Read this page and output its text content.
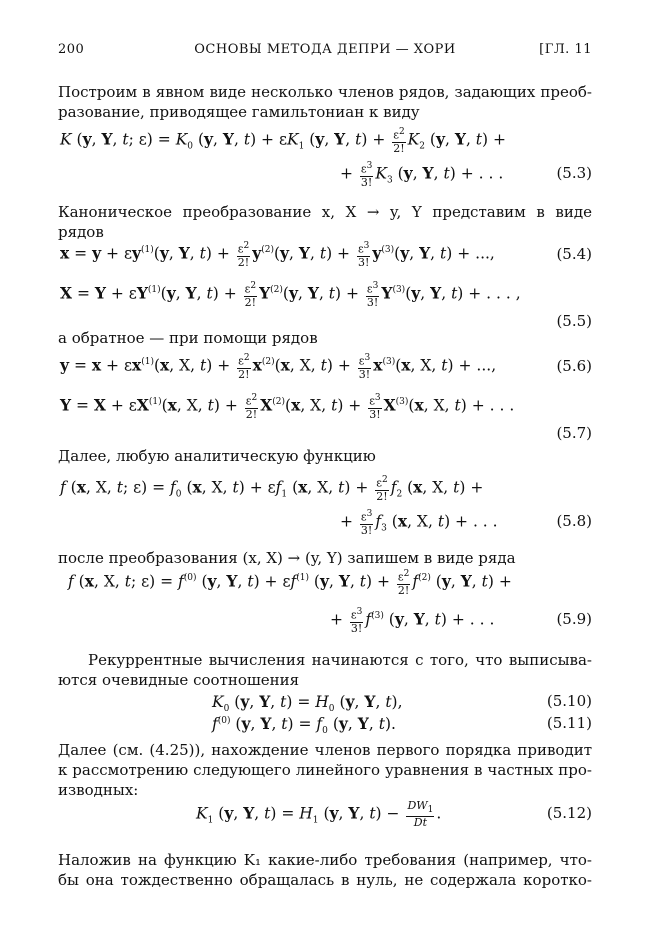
200	ОСНОВЫ МЕТОДА ДЕПРИ — ХОРИ	[ГЛ. 11
Построим в явном виде несколько членов рядов, задающих преоб-
разование, приводящее гамильтониан к виду
K (y, Y, t; $\varepsilon) = K_0$ (y, Y, $t) + \varepsilon K_1$ (y, Y, $t) + \frac{\varepsilon^2}{2!} K_2$ (y, Y, t) +
+ $\frac{\varepsilon^3}{3!} K_3$ (y, Y, t) + . . .	(5.3)
Каноническое преобразование x, X → y, Y представим в виде
рядов
$x = y + \varepsilon y^{(1)}(y$, Y, $t) + \frac{\varepsilon^2}{2!} y^{(2)}(y$, Y, $t) + \frac{\varepsilon^3}{3!} y^{(3)}(y$, Y, t) + ...,	(5.4)
$X = Y + \varepsilon Y^{(1)}(y$, Y, $t) + \frac{\varepsilon^2}{2!} Y^{(2)}(y$, Y, $t) + \frac{\varepsilon^3}{3!} Y^{(3)}(y$, Y, t) + . . . ,
(5.5)
а обратное — при помощи рядов
$y = x + \varepsilon x^{(1)}(x$, X, $t) + \frac{\varepsilon^2}{2!} x^{(2)}(x$, X, $t) + \frac{\varepsilon^3}{3!} x^{(3)}(x$, X, t) + ...,	(5.6)
$Y = X + \varepsilon X^{(1)}(x$, X, $t) + \frac{\varepsilon^2}{2!} X^{(2)}(x$, X, $t) + \frac{\varepsilon^3}{3!} X^{(3)}(x$, X, t) + . . .
(5.7)
Далее, любую аналитическую функцию
f (x, X, t; $\varepsilon) = f_0$ (x, X, $t) + \varepsilon f_1$ (x, X, $t) + \frac{\varepsilon^2}{2!} f_2$ (x, X, t) +
+ $\frac{\varepsilon^3}{3!} f_3$ (x, X, t) + . . .	(5.8)
после преобразования (x, X) → (y, Y) запишем в виде ряда
f (x, X, t; $\varepsilon) = f^{(0)}$ (y, Y, $t) + \varepsilon f^{(1)}$ (y, Y, $t) + \frac{\varepsilon^2}{2!} f^{(2)}$ (y, Y, t) +
+ $\frac{\varepsilon^3}{3!} f^{(3)}$ (y, Y, t) + . . .	(5.9)
Рекуррентные вычисления начинаются с того, что выписыва-
ются очевидные соотношения
$K_0$ (y, Y, $t) = H_0$ (y, Y, t),	(5.10)
$f^{(0)}$ (y, Y, $t) = f_0$ (y, Y, t).	(5.11)
Далее (см. (4.25)), нахождение членов первого порядка приводит
к рассмотрению следующего линейного уравнения в частных про-
изводных:
$K_1$ (y, Y, $t) = H_1$ (y, Y, $t) - \frac{DW_1}{Dt}$ .	(5.12)
Наложив на функцию K₁ какие-либо требования (например, что-
бы она тождественно обращалась в нуль, не содержала коротко-
